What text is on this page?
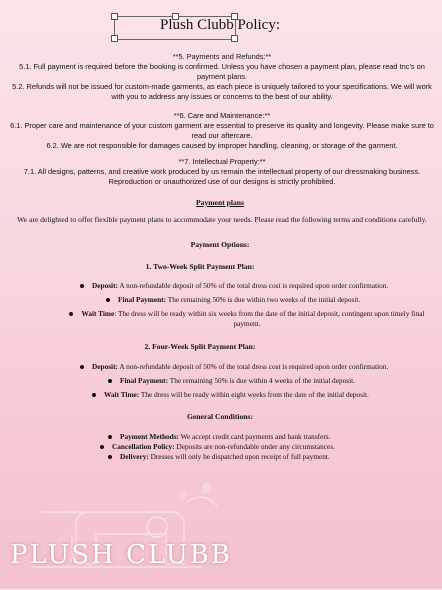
Plush Clubb Policy:
**5. Payments and Refunds:**
5.1. Full payment is required before the booking is confirmed. Unless you have chosen a payment plan, please read tnc's on payment plans.
5.2. Refunds will not be issued for custom-made garments, as each piece is uniquely tailored to your specifications. We will work with you to address any issues or concerns to the best of our ability.
**6. Care and Maintenance:**
6.1. Proper care and maintenance of your custom garment are essential to preserve its quality and longevity. Please make sure to read our aftercare.
6.2. We are not responsible for damages caused by improper handling, cleaning, or storage of the garment.
**7. Intellectual Property:**
7.1. All designs, patterns, and creative work produced by us remain the intellectual property of our dressmaking business. Reproduction or unauthorized use of our designs is strictly prohibited.
Payment plans
We are delighted to offer flexible payment plans to accommodate your needs. Please read the following terms and conditions carefully.
Payment Options:
1. Two-Week Split Payment Plan:
Deposit: A non-refundable deposit of 50% of the total dress cost is required upon order confirmation.
Final Payment: The remaining 50% is due within two weeks of the initial deposit.
Wait Time: The dress will be ready within six weeks from the date of the initial deposit, contingent upon timely final payment.
2. Four-Week Split Payment Plan:
Deposit: A non-refundable deposit of 50% of the total dress cost is required upon order confirmation.
Final Payment: The remaining 50% is due within 4 weeks of the initial deposit.
Wait Time: The dress will be ready within eight weeks from the date of the initial deposit.
General Conditions:
Payment Methods: We accept credit card payments and bank transfers.
Cancellation Policy: Deposits are non-refundable under any circumstances.
Delivery: Dresses will only be dispatched upon receipt of full payment.
PLUSH CLUBB
